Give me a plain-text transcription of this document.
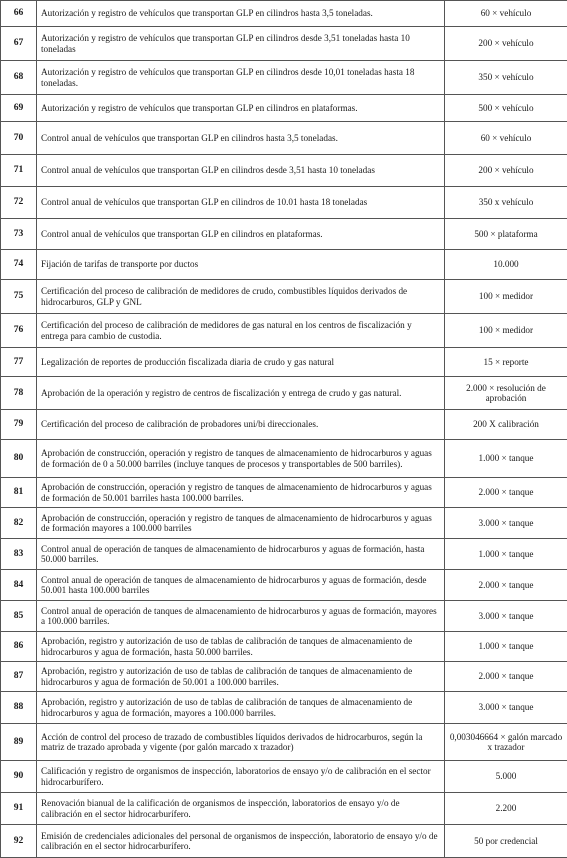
66	Autorización y registro de vehículos que transportan GLP en cilindros hasta 3,5 toneladas.	60 × vehículo
67	Autorización y registro de vehículos que transportan GLP en cilindros desde 3,51 toneladas hasta 10 toneladas	200 × vehículo
68	Autorización y registro de vehículos que transportan GLP en cilindros desde 10,01 toneladas hasta 18 toneladas.	350 × vehículo
69	Autorización y registro de vehículos que transportan GLP en cilindros en plataformas.	500 × vehículo
70	Control anual de vehículos que transportan GLP en cilindros hasta 3,5 toneladas.	60 × vehículo
71	Control anual de vehículos que transportan GLP en cilindros desde 3,51 hasta 10 toneladas	200 × vehículo
72	Control anual de vehículos que transportan GLP en cilindros de 10.01 hasta 18 toneladas	350 x vehículo
73	Control anual de vehículos que transportan GLP en cilindros en plataformas.	500 × plataforma
74	Fijación de tarifas de transporte por ductos	10.000
75	Certificación del proceso de calibración de medidores de crudo, combustibles líquidos derivados de hidrocarburos, GLP y GNL	100 × medidor
76	Certificación del proceso de calibración de medidores de gas natural en los centros de fiscalización y entrega para cambio de custodia.	100 × medidor
77	Legalización de reportes de producción fiscalizada diaria de crudo y gas natural	15 × reporte
78	Aprobación de la operación y registro de centros de fiscalización y entrega de crudo y gas natural.	2.000 × resolución de aprobación
79	Certificación del proceso de calibración de probadores uni/bi direccionales.	200 X calibración
80	Aprobación de construcción, operación y registro de tanques de almacenamiento de hidrocarburos y aguas de formación de 0 a 50.000 barriles (incluye tanques de procesos y transportables de 500 barriles).	1.000 × tanque
81	Aprobación de construcción, operación y registro de tanques de almacenamiento de hidrocarburos y aguas de formación de 50.001 barriles hasta 100.000 barriles.	2.000 × tanque
82	Aprobación de construcción, operación y registro de tanques de almacenamiento de hidrocarburos y aguas de formación mayores a 100.000 barriles	3.000 × tanque
83	Control anual de operación de tanques de almacenamiento de hidrocarburos y aguas de formación, hasta 50.000 barriles.	1.000 × tanque
84	Control anual de operación de tanques de almacenamiento de hidrocarburos y aguas de formación, desde 50.001 hasta 100.000 barriles	2.000 × tanque
85	Control anual de operación de tanques de almacenamiento de hidrocarburos y aguas de formación, mayores a 100.000 barriles.	3.000 × tanque
86	Aprobación, registro y autorización de uso de tablas de calibración de tanques de almacenamiento de hidrocarburos y agua de formación, hasta 50.000 barriles.	1.000 × tanque
87	Aprobación, registro y autorización de uso de tablas de calibración de tanques de almacenamiento de hidrocarburos y agua de formación de 50.001 a 100.000 barriles.	2.000 × tanque
88	Aprobación, registro y autorización de uso de tablas de calibración de tanques de almacenamiento de hidrocarburos y agua de formación, mayores a 100.000 barriles.	3.000 × tanque
89	Acción de control del proceso de trazado de combustibles líquidos derivados de hidrocarburos, según la matriz de trazado aprobada y vigente (por galón marcado x trazador)	0,003046664 × galón marcado x trazador
90	Calificación y registro de organismos de inspección, laboratorios de ensayo y/o de calibración en el sector hidrocarburífero.	5.000
91	Renovación bianual de la calificación de organismos de inspección, laboratorios de ensayo y/o de calibración en el sector hidrocarburífero.	2.200
92	Emisión de credenciales adicionales del personal de organismos de inspección, laboratorio de ensayo y/o de calibración en el sector hidrocarburífero.	50 por credencial
